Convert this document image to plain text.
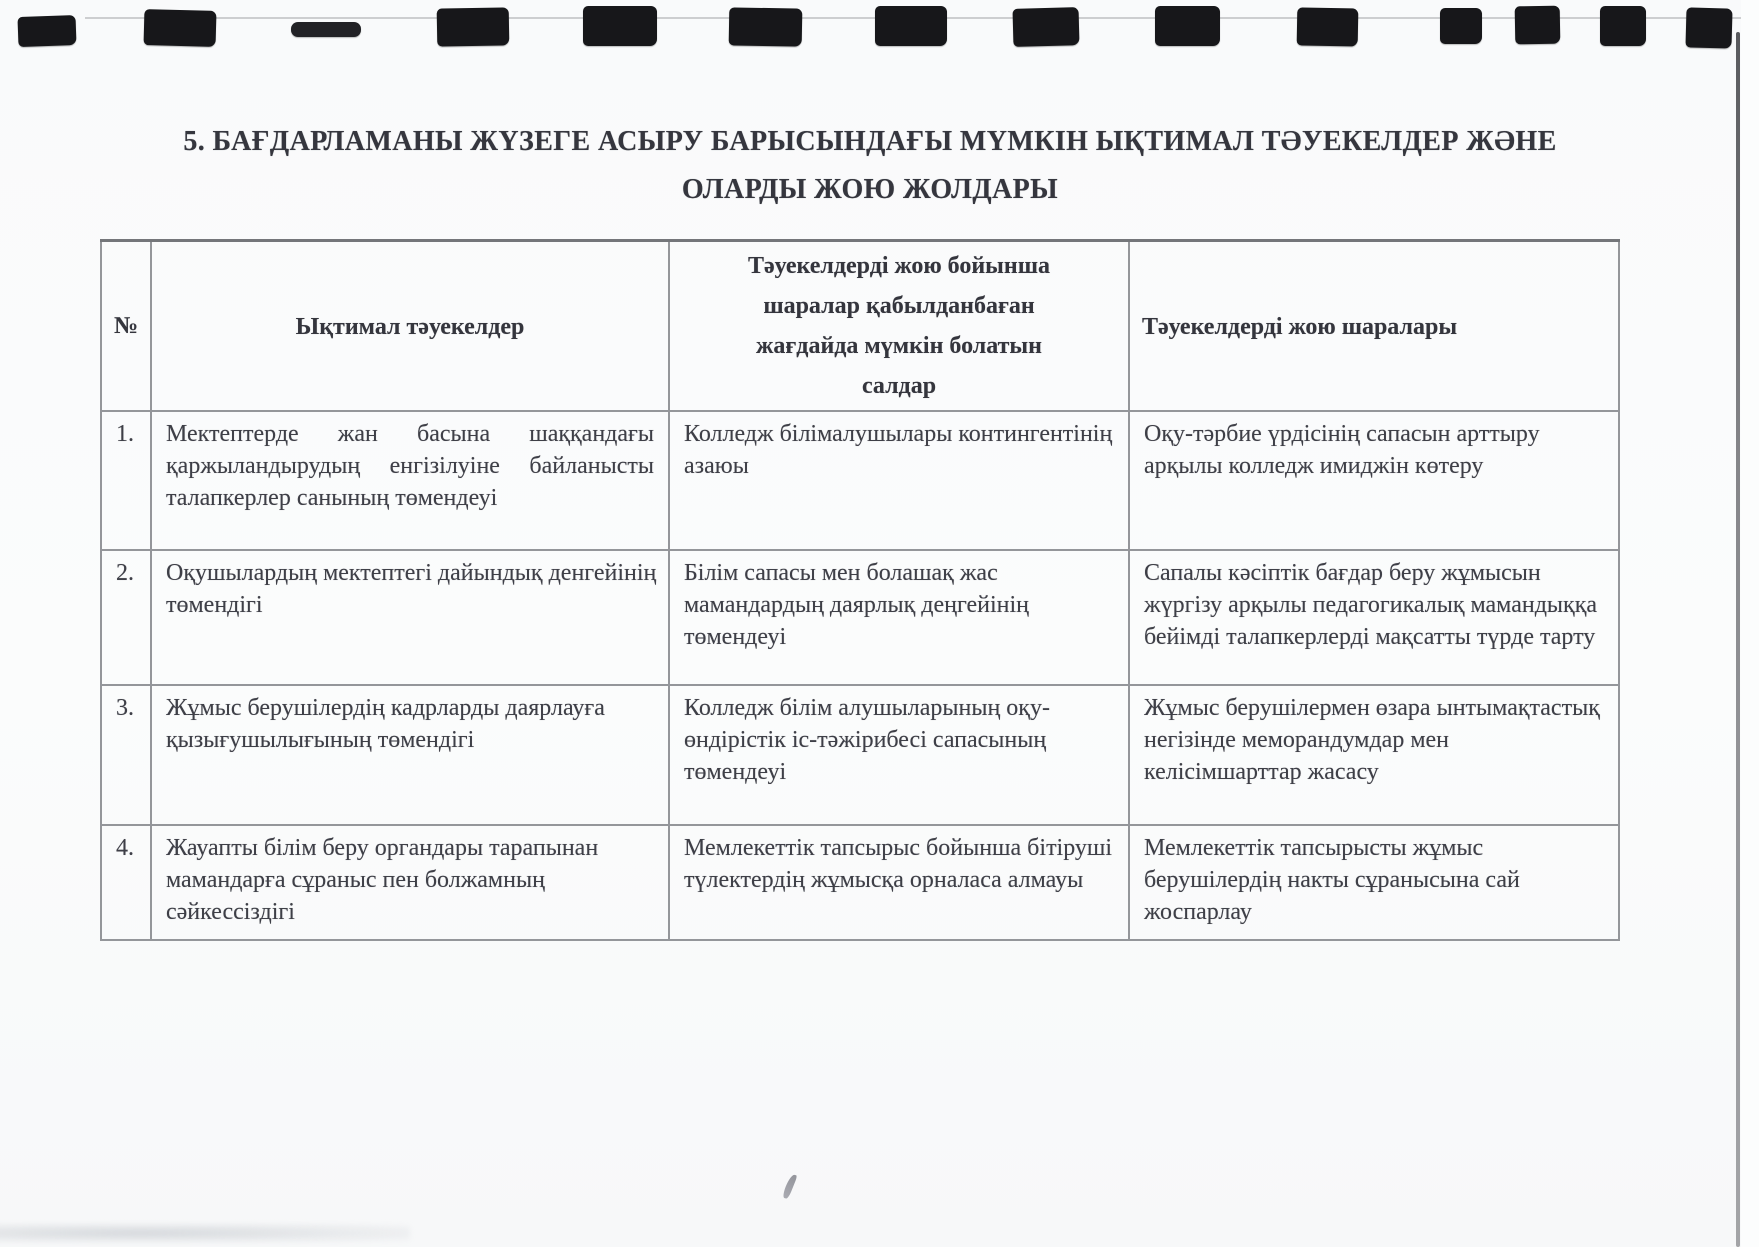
5. БАҒДАРЛАМАНЫ ЖҮЗЕГЕ АСЫРУ БАРЫСЫНДАҒЫ МҮМКІН ЫҚТИМАЛ ТӘУЕКЕЛДЕР ЖӘНЕ
ОЛАРДЫ ЖОЮ ЖОЛДАРЫ
№	Ықтимал тәуекелдер	Тәуекелдерді жою бойынша шаралар қабылданбаған жағдайда мүмкін болатын салдар	Тәуекелдерді жою шаралары
1.	Мектептерде жан басына шаққандағы қаржыландырудың енгізілуіне байланысты талапкерлер санының төмендеуі	Колледж білімалушылары контингентінің азаюы	Оқу-тәрбие үрдісінің сапасын арттыру арқылы колледж имиджін көтеру
2.	Оқушылардың мектептегі дайындық денгейінің төмендігі	Білім сапасы мен болашақ жас мамандардың даярлық деңгейінің төмендеуі	Сапалы кәсіптік бағдар беру жұмысын жүргізу арқылы педагогикалық мамандыққа бейімді талапкерлерді мақсатты түрде тарту
3.	Жұмыс берушілердің кадрларды даярлауға қызығушылығының төмендігі	Колледж білім алушыларының оқу-өндірістік іс-тәжірибесі сапасының төмендеуі	Жұмыс берушілермен өзара ынтымақтастық негізінде меморандумдар мен келісімшарттар жасасу
4.	Жауапты білім беру органдары тарапынан мамандарға сұраныс пен болжамның сәйкессіздігі	Мемлекеттік тапсырыс бойынша бітіруші түлектердің жұмысқа орналаса алмауы	Мемлекеттік тапсырысты жұмыс берушілердің накты сұранысына сай жоспарлау
